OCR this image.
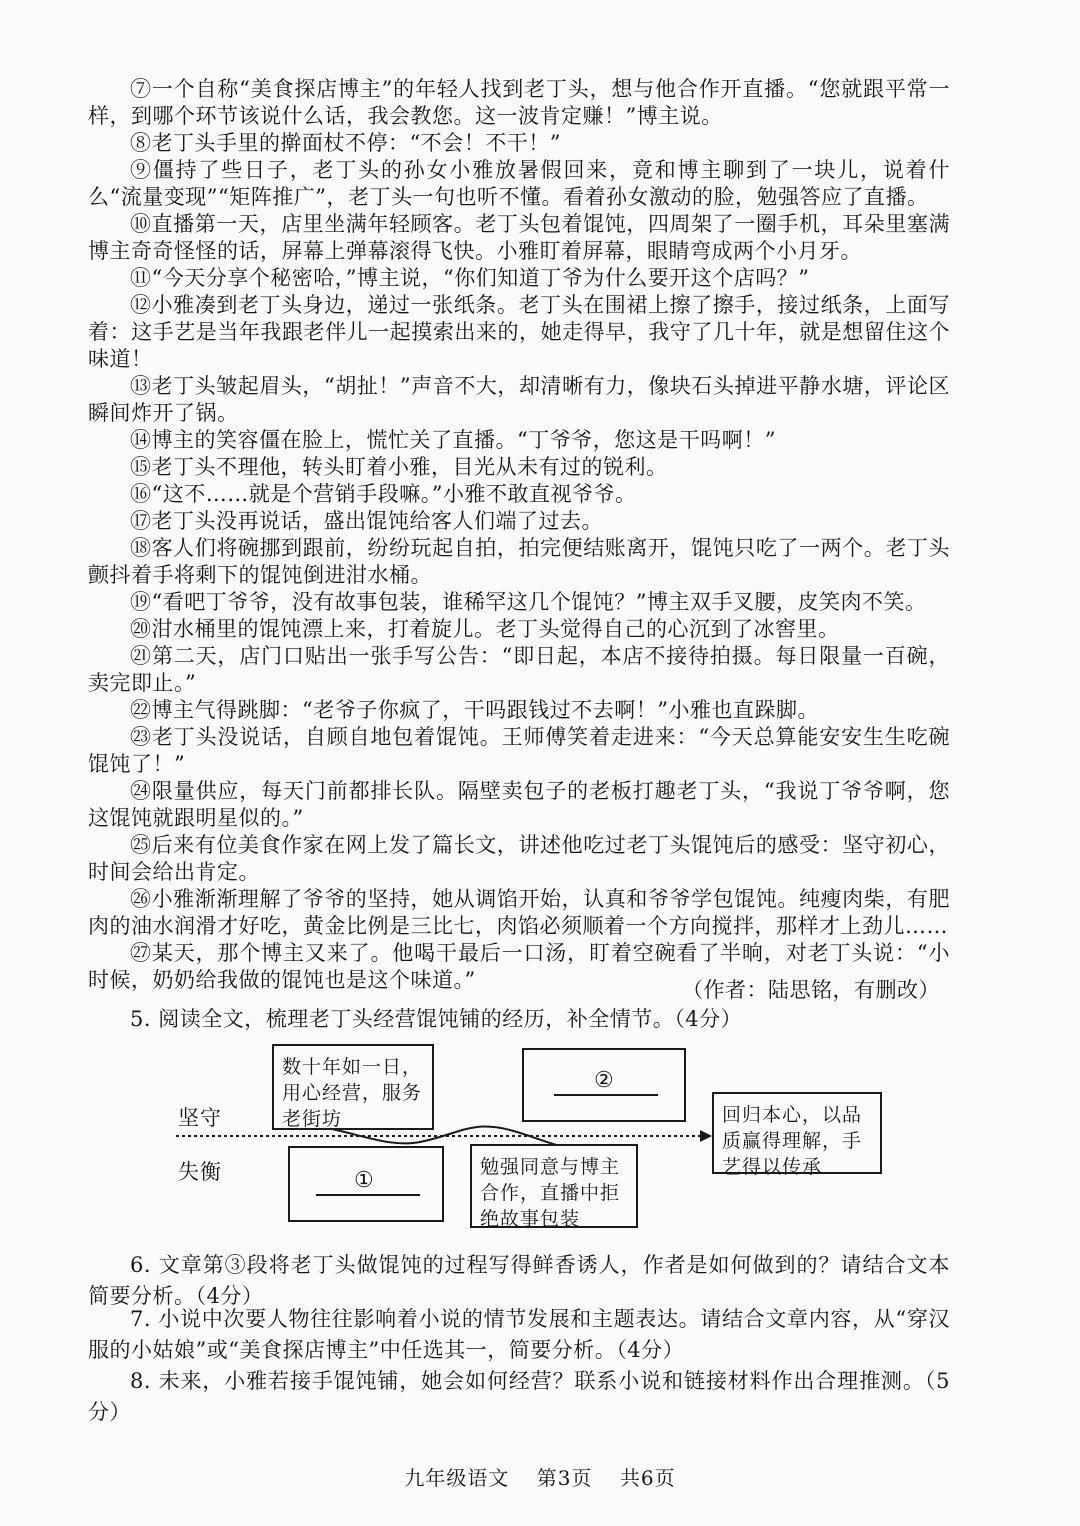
⑦一个自称“美食探店博主”的年轻人找到老丁头，想与他合作开直播。“您就跟平常一样，到哪个环节该说什么话，我会教您。这一波肯定赚！”博主说。

⑧老丁头手里的擀面杖不停：“不会！不干！”

⑨僵持了些日子，老丁头的孙女小雅放暑假回来，竟和博主聊到了一块儿，说着什么“流量变现”“矩阵推广”，老丁头一句也听不懂。看着孙女激动的脸，勉强答应了直播。

⑩直播第一天，店里坐满年轻顾客。老丁头包着馄饨，四周架了一圈手机，耳朵里塞满博主奇奇怪怪的话，屏幕上弹幕滚得飞快。小雅盯着屏幕，眼睛弯成两个小月牙。

⑪“今天分享个秘密哈，”博主说，“你们知道丁爷为什么要开这个店吗？”

⑫小雅凑到老丁头身边，递过一张纸条。老丁头在围裙上擦了擦手，接过纸条，上面写着：这手艺是当年我跟老伴儿一起摸索出来的，她走得早，我守了几十年，就是想留住这个味道！

⑬老丁头皱起眉头，“胡扯！”声音不大，却清晰有力，像块石头掉进平静水塘，评论区瞬间炸开了锅。

⑭博主的笑容僵在脸上，慌忙关了直播。“丁爷爷，您这是干吗啊！”

⑮老丁头不理他，转头盯着小雅，目光从未有过的锐利。

⑯“这不……就是个营销手段嘛。”小雅不敢直视爷爷。

⑰老丁头没再说话，盛出馄饨给客人们端了过去。

⑱客人们将碗挪到跟前，纷纷玩起自拍，拍完便结账离开，馄饨只吃了一两个。老丁头颤抖着手将剩下的馄饨倒进泔水桶。

⑲“看吧丁爷爷，没有故事包装，谁稀罕这几个馄饨？”博主双手叉腰，皮笑肉不笑。

⑳泔水桶里的馄饨漂上来，打着旋儿。老丁头觉得自己的心沉到了冰窖里。

㉑第二天，店门口贴出一张手写公告：“即日起，本店不接待拍摄。每日限量一百碗，卖完即止。”

㉒博主气得跳脚：“老爷子你疯了，干吗跟钱过不去啊！”小雅也直跺脚。

㉓老丁头没说话，自顾自地包着馄饨。王师傅笑着走进来：“今天总算能安安生生吃碗馄饨了！”

㉔限量供应，每天门前都排长队。隔壁卖包子的老板打趣老丁头，“我说丁爷爷啊，您这馄饨就跟明星似的。”

㉕后来有位美食作家在网上发了篇长文，讲述他吃过老丁头馄饨后的感受：坚守初心，时间会给出肯定。

㉖小雅渐渐理解了爷爷的坚持，她从调馅开始，认真和爷爷学包馄饨。纯瘦肉柴，有肥肉的油水润滑才好吃，黄金比例是三比七，肉馅必须顺着一个方向搅拌，那样才上劲儿……

㉗某天，那个博主又来了。他喝干最后一口汤，盯着空碗看了半晌，对老丁头说：“小时候，奶奶给我做的馄饨也是这个味道。”	（作者：陆思铭，有删改）
5. 阅读全文，梳理老丁头经营馄饨铺的经历，补全情节。（4分）
坚守
失衡
数十年如一日，用心经营，服务老街坊
②
①
勉强同意与博主合作，直播中拒绝故事包装
回归本心，以品质赢得理解，手艺得以传承
6. 文章第③段将老丁头做馄饨的过程写得鲜香诱人，作者是如何做到的？请结合文本简要分析。（4分）
7. 小说中次要人物往往影响着小说的情节发展和主题表达。请结合文章内容，从“穿汉服的小姑娘”或“美食探店博主”中任选其一，简要分析。（4分）
8. 未来，小雅若接手馄饨铺，她会如何经营？联系小说和链接材料作出合理推测。（5分）
九年级语文 第3页 共6页
